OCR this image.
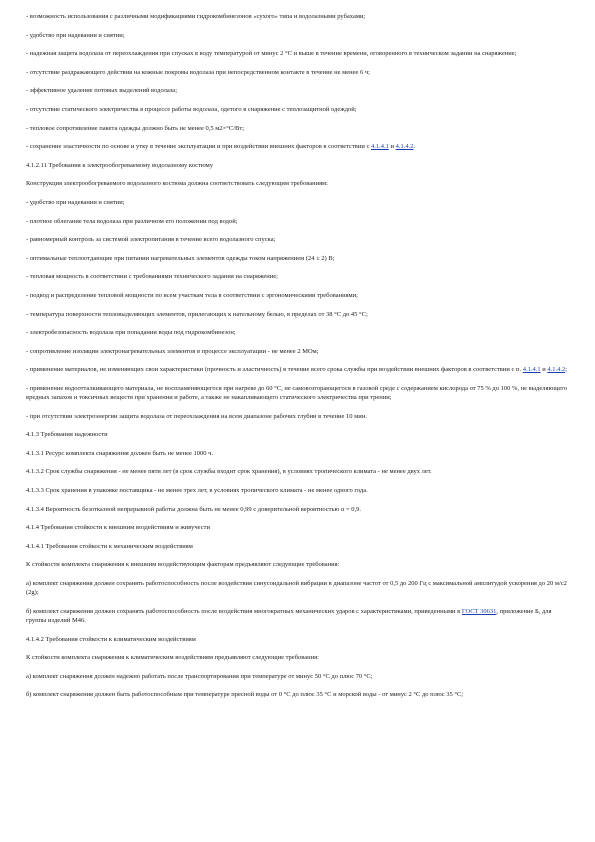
- возможность использования с различными модификациями гидрокомбинезонов «сухого» типа и водолазными рубахами;

- удобство при надевании и снятии;

- надежная защита водолаза от переохлаждения при спусках в воду температурой от минус 2 °С и выше в течение времени, оговоренного в техническом задании на снаряжение;

- отсутствие раздражающего действия на кожные покровы водолаза при непосредственном контакте в течение не менее 6 ч;

- эффективное удаление потовых выделений водолаза;

- отсутствие статического электричества в процессе работы водолаза, одетого в снаряжение с теплозащитной одеждой;

- тепловое сопротивление пакета одежды должно быть не менее 0,5 м2×°С/Вт;

- сохранение эластичности по основе и утку в течение эксплуатации и при воздействии внешних факторов в соответствии с 4.1.4.1 и 4.1.4.2.

4.1.2.11 Требования к электрообогреваемому водолазному костюму

Конструкция электрообогреваемого водолазного костюма должна соответствовать следующим требованиям:

- удобство при надевании и снятии;

- плотное облегание тела водолаза при различном его положении под водой;

- равномерный контроль за системой электропитания в течение всего водолазного спуска;

- оптимальные теплоотдающие при питании нагревательных элементов одежды током напряжением (24 ± 2) В;

- тепловая мощность в соответствии с требованиями технического задания на снаряжение;

- подвод и распределение тепловой мощности по всем участкам тела в соответствии с эргономическими требованиями;

- температура поверхности тепловыделяющих элементов, прилегающих к нательному белью, в пределах от 38 °С до 45 °С;

- электробезопасность водолаза при попадании воды под гидрокомбинезон;

- сопротивление изоляции электронагревательных элементов в процессе эксплуатации - не менее 2 МОм;

- применение материалов, не изменяющих свои характеристики (прочность и эластичность) в течение всего срока службы при воздействии внешних факторов в соответствии с п. 4.1.4.1 и 4.1.4.2;

- применение водоотталкивающего материала, не воспламеняющегося при нагреве до 60 °С, не самовозгорающегося в газовой среде с содержанием кислорода от 75 % до 100 %, не выделяющего вредных запахов и токсичных веществ при хранении и работе, а также не накапливающего статического электричества при трении;

- при отсутствии электроэнергии защита водолаза от переохлаждения на всем диапазоне рабочих глубин в течение 10 мин.

4.1.3 Требования надежности

4.1.3.1 Ресурс комплекта снаряжения должен быть не менее 1000 ч.

4.1.3.2 Срок службы снаряжения - не менее пяти лет (в срок службы входит срок хранения), в условиях тропического климата - не менее двух лет.

4.1.3.3 Срок хранения в упаковке поставщика - не менее трех лет, в условиях тропического климата - не менее одного года.

4.1.3.4 Вероятность безотказной непрерывной работы должна быть не менее 0,99 с доверительной вероятностью α = 0,9.

4.1.4 Требования стойкости к внешним воздействиям и живучести

4.1.4.1 Требования стойкости к механическим воздействиям

К стойкости комплекта снаряжения к внешним воздействующим факторам предъявляют следующие требования:

а) комплект снаряжения должен сохранять работоспособность после воздействия синусоидальной вибрации в диапазоне частот от 0,5 до 200 Гц с максимальной амплитудой ускорения до 20 м/с2 (2g);

б) комплект снаряжения должен сохранять работоспособность после воздействия многократных механических ударов с характеристиками, приведенными в ГОСТ 30631, приложение Б, для группы изделий М46.

4.1.4.2 Требования стойкости к климатическим воздействиям

К стойкости комплекта снаряжения к климатическим воздействиям предъявляют следующие требования:

а) комплект снаряжения должен надежно работать после транспортирования при температуре от минус 50 °С до плюс 70 °С;

б) комплект снаряжения должен быть работоспособным при температуре пресной воды от 0 °С до плюс 35 °С и морской воды - от минус 2 °С до плюс 35 °С;
